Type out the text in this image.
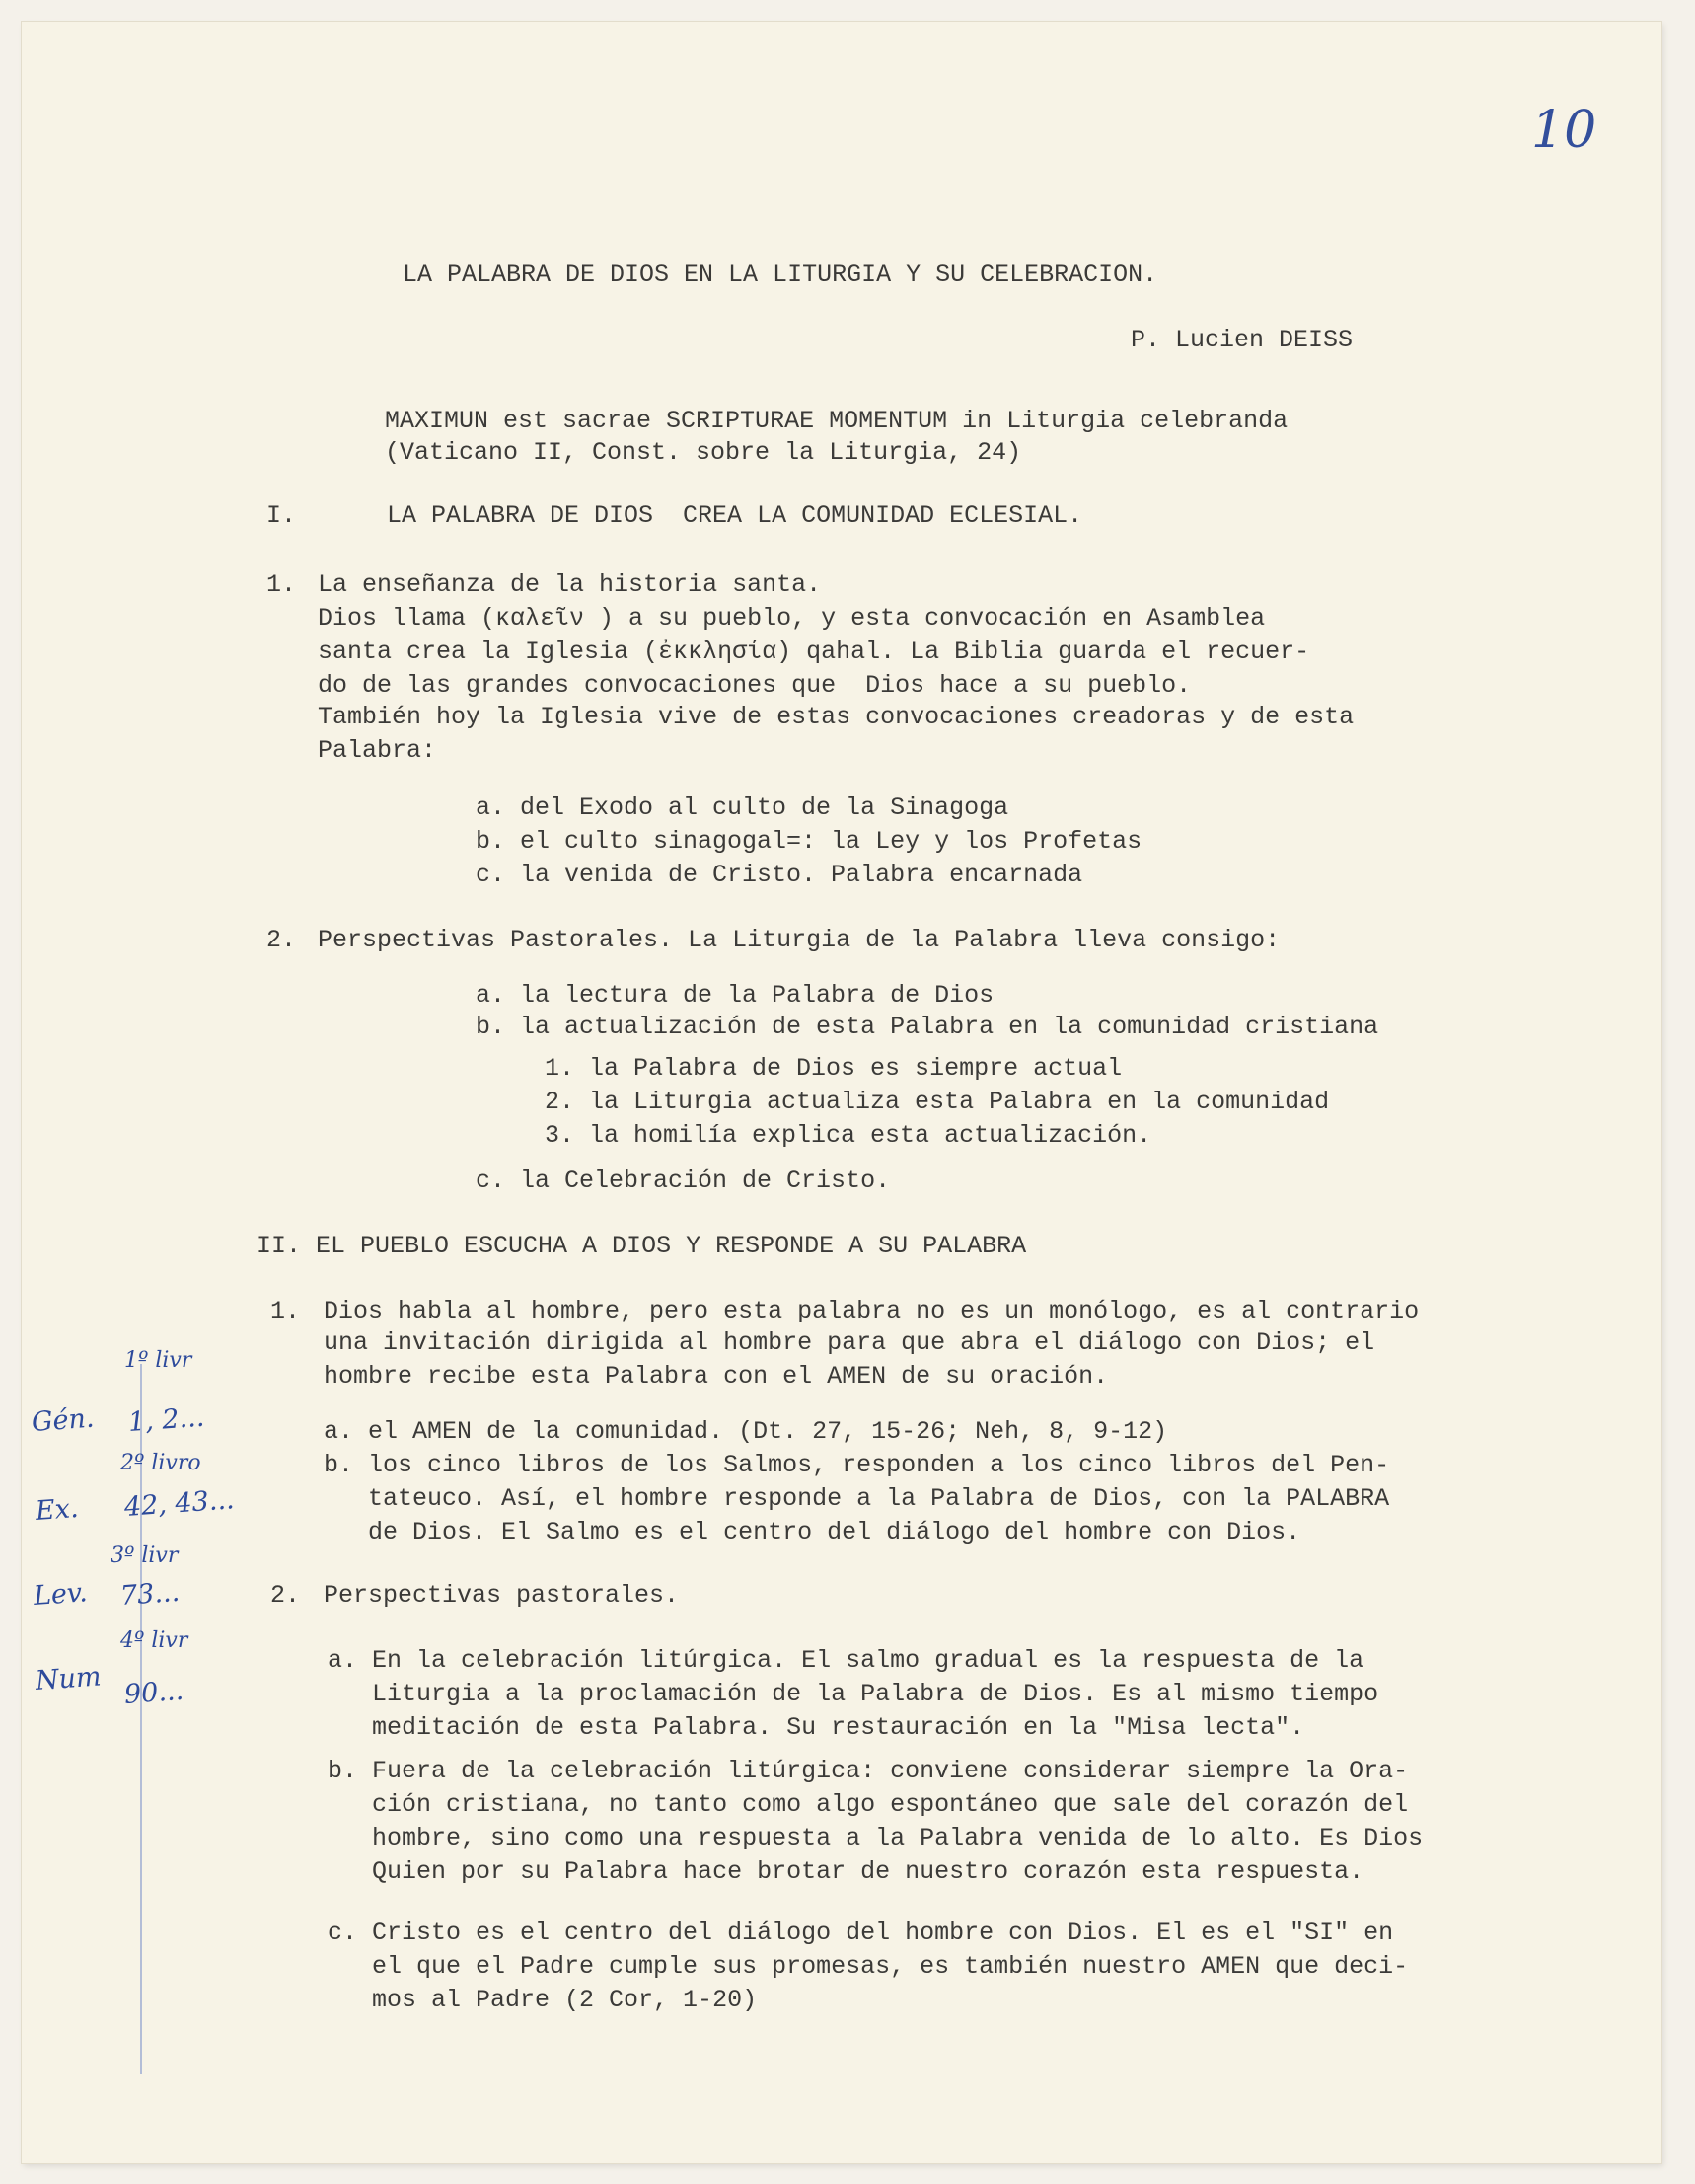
10

LA PALABRA DE DIOS EN LA LITURGIA Y SU CELEBRACION.

P. Lucien DEISS

MAXIMUN est sacrae SCRIPTURAE MOMENTUM in Liturgia celebranda

(Vaticano II, Const. sobre la Liturgia, 24)

I.	LA PALABRA DE DIOS  CREA LA COMUNIDAD ECLESIAL.

1. La enseñanza de la historia santa.

Dios llama (καλεῖν ) a su pueblo, y esta convocación en Asamblea

santa crea la Iglesia (ἐκκλησία) qahal. La Biblia guarda el recuer-

do de las grandes convocaciones que  Dios hace a su pueblo.

También hoy la Iglesia vive de estas convocaciones creadoras y de esta

Palabra:

a. del Exodo al culto de la Sinagoga

b. el culto sinagogal=: la Ley y los Profetas

c. la venida de Cristo. Palabra encarnada

2. Perspectivas Pastorales. La Liturgia de la Palabra lleva consigo:

a. la lectura de la Palabra de Dios

b. la actualización de esta Palabra en la comunidad cristiana

1. la Palabra de Dios es siempre actual

2. la Liturgia actualiza esta Palabra en la comunidad

3. la homilía explica esta actualización.

c. la Celebración de Cristo.

II. EL PUEBLO ESCUCHA A DIOS Y RESPONDE A SU PALABRA

1. Dios habla al hombre, pero esta palabra no es un monólogo, es al contrario

una invitación dirigida al hombre para que abra el diálogo con Dios; el

hombre recibe esta Palabra con el AMEN de su oración.

a. el AMEN de la comunidad. (Dt. 27, 15-26; Neh, 8, 9-12)

b. los cinco libros de los Salmos, responden a los cinco libros del Pen-

tateuco. Así, el hombre responde a la Palabra de Dios, con la PALABRA

de Dios. El Salmo es el centro del diálogo del hombre con Dios.

2. Perspectivas pastorales.

a. En la celebración litúrgica. El salmo gradual es la respuesta de la

Liturgia a la proclamación de la Palabra de Dios. Es al mismo tiempo

meditación de esta Palabra. Su restauración en la "Misa lecta".

b. Fuera de la celebración litúrgica: conviene considerar siempre la Ora-

ción cristiana, no tanto como algo espontáneo que sale del corazón del

hombre, sino como una respuesta a la Palabra venida de lo alto. Es Dios

Quien por su Palabra hace brotar de nuestro corazón esta respuesta.

c. Cristo es el centro del diálogo del hombre con Dios. El es el "SI" en

el que el Padre cumple sus promesas, es también nuestro AMEN que deci-

mos al Padre (2 Cor, 1-20)

1º livr

Gén. 1, 2...

2º livro

Ex. 42, 43...

3º livr

Lev. 73...

4º livr

Num 90...
